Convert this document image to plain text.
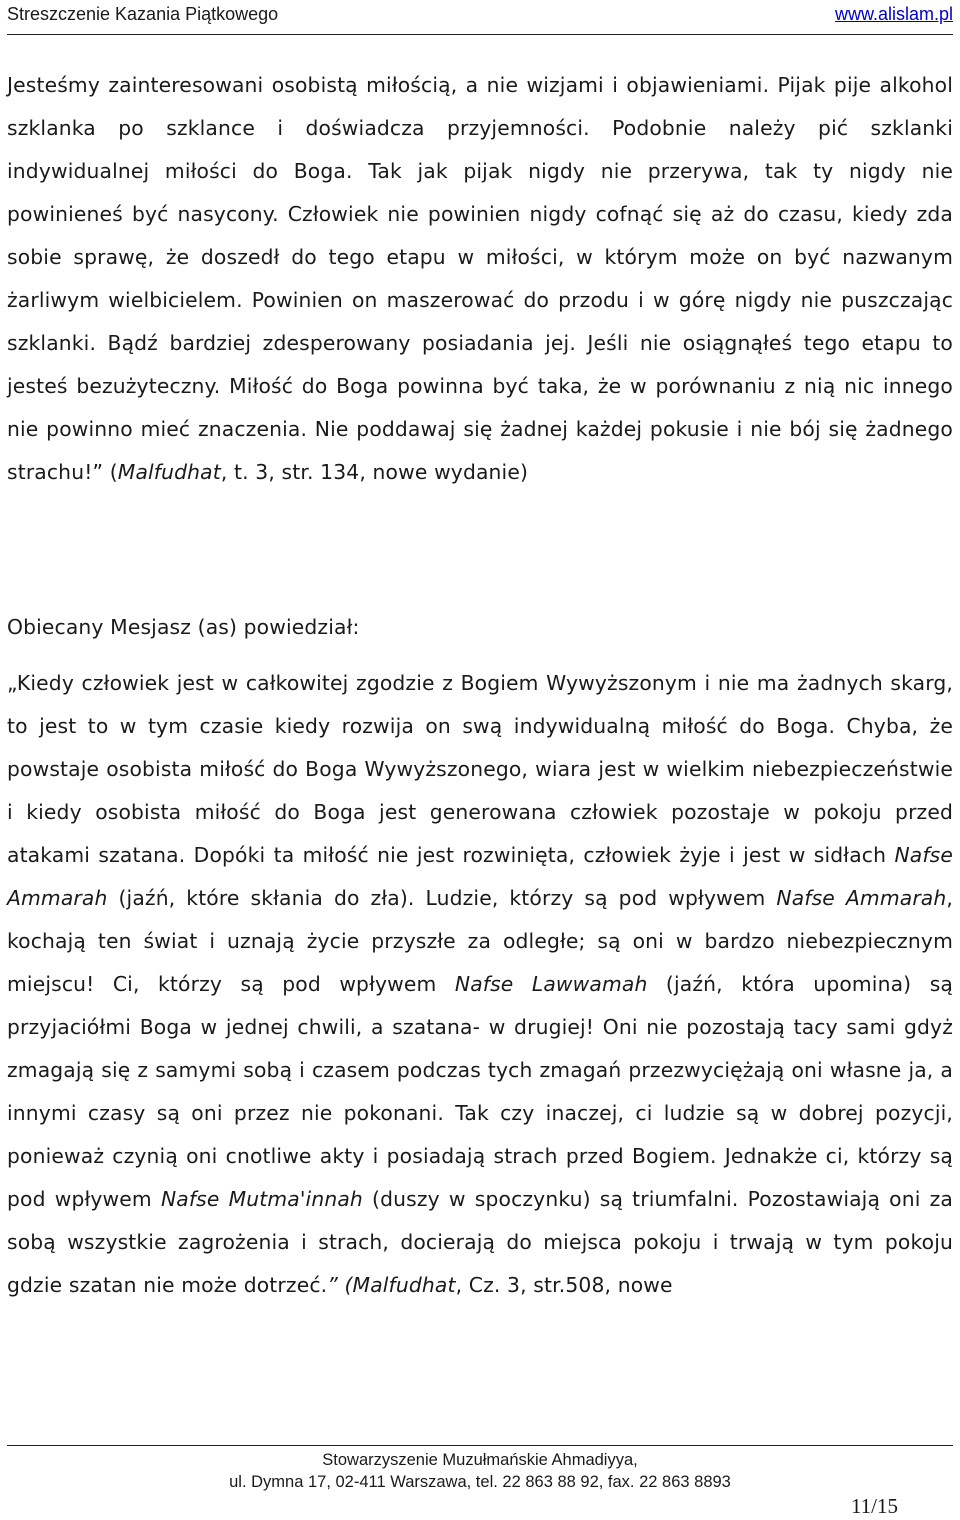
Streszczenie Kazania Piątkowego	www.alislam.pl

Jesteśmy zainteresowani osobistą miłością, a nie wizjami i objawieniami. Pijak pije alkohol szklanka po szklance i doświadcza przyjemności. Podobnie należy pić szklanki indywidualnej miłości do Boga. Tak jak pijak nigdy nie przerywa, tak ty nigdy nie powinieneś być nasycony. Człowiek nie powinien nigdy cofnąć się aż do czasu, kiedy zda sobie sprawę, że doszedł do tego etapu w miłości, w którym może on być nazwanym żarliwym wielbicielem. Powinien on maszerować do przodu i w górę nigdy nie puszczając szklanki. Bądź bardziej zdesperowany posiadania jej. Jeśli nie osiągnąłeś tego etapu to jesteś bezużyteczny. Miłość do Boga powinna być taka, że w porównaniu z nią nic innego nie powinno mieć znaczenia. Nie poddawaj się żadnej każdej pokusie i nie bój się żadnego strachu!” (Malfudhat, t. 3, str. 134, nowe wydanie)

Obiecany Mesjasz (as) powiedział:

„Kiedy człowiek jest w całkowitej zgodzie z Bogiem Wywyższonym i nie ma żadnych skarg, to jest to w tym czasie kiedy rozwija on swą indywidualną miłość do Boga. Chyba, że powstaje osobista miłość do Boga Wywyższonego, wiara jest w wielkim niebezpieczeństwie i kiedy osobista miłość do Boga jest generowana człowiek pozostaje w pokoju przed atakami szatana. Dopóki ta miłość nie jest rozwinięta, człowiek żyje i jest w sidłach Nafse Ammarah (jaźń, które skłania do zła). Ludzie, którzy są pod wpływem Nafse Ammarah, kochają ten świat i uznają życie przyszłe za odległe; są oni w bardzo niebezpiecznym miejscu! Ci, którzy są pod wpływem Nafse Lawwamah (jaźń, która upomina) są przyjaciółmi Boga w jednej chwili, a szatana- w drugiej! Oni nie pozostają tacy sami gdyż zmagają się z samymi sobą i czasem podczas tych zmagań przezwyciężają oni własne ja, a innymi czasy są oni przez nie pokonani. Tak czy inaczej, ci ludzie są w dobrej pozycji, ponieważ czynią oni cnotliwe akty i posiadają strach przed Bogiem. Jednakże ci, którzy są pod wpływem Nafse Mutma'innah (duszy w spoczynku) są triumfalni. Pozostawiają oni za sobą wszystkie zagrożenia i strach, docierają do miejsca pokoju i trwają w tym pokoju gdzie szatan nie może dotrzeć.” (Malfudhat, Cz. 3, str.508, nowe

Stowarzyszenie Muzułmańskie Ahmadiyya,
ul. Dymna 17, 02-411 Warszawa, tel. 22 863 88 92, fax. 22 863 8893
11/15
